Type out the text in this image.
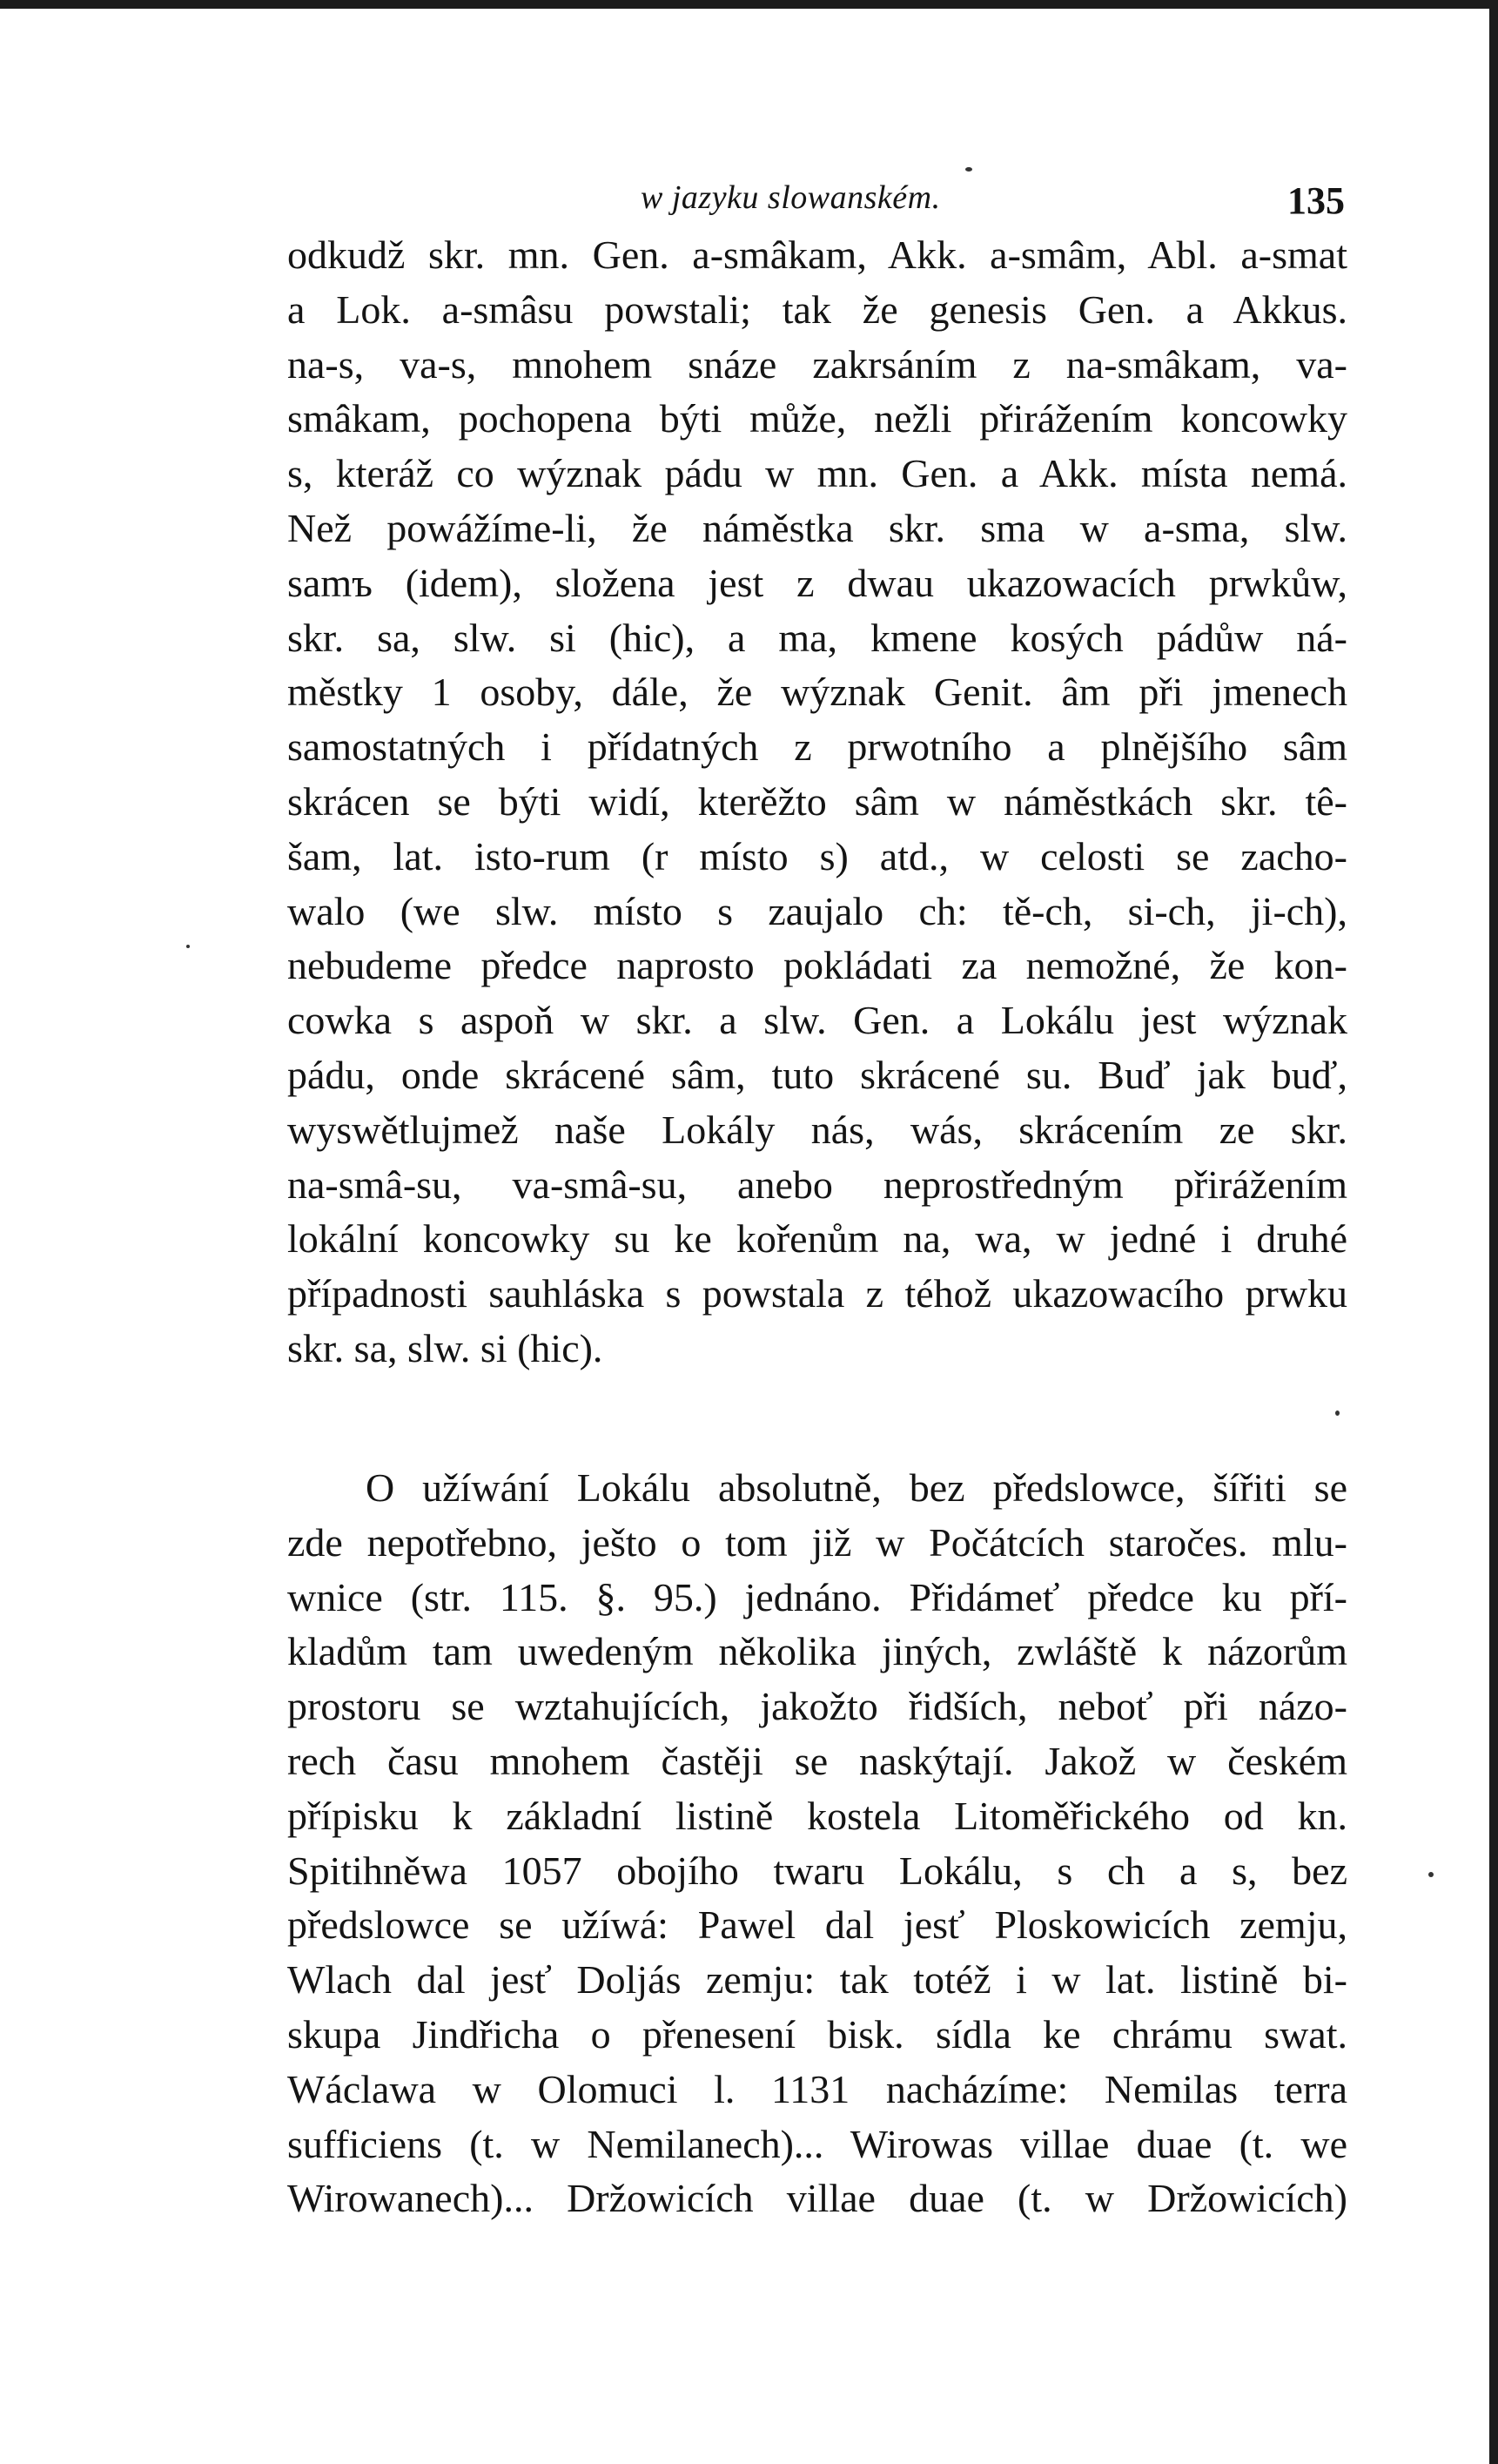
w jazyku slowanském.	135
odkudž skr. mn. Gen. a-smâkam, Akk. a-smâm, Abl. a-smat
a Lok. a-smâsu powstali; tak že genesis Gen. a Akkus.
na-s, va-s, mnohem snáze zakrsáním z na-smâkam, va-
smâkam, pochopena býti může, nežli přirážením koncowky
s, kteráž co wýznak pádu w mn. Gen. a Akk. místa nemá.
Než powážíme-li, že náměstka skr. sma w a-sma, slw.
samъ (idem), složena jest z dwau ukazowacích prwkůw,
skr. sa, slw. si (hic), a ma, kmene kosých pádůw ná-
městky 1 osoby, dále, že wýznak Genit. âm při jmenech
samostatných i přídatných z prwotního a plnějšího sâm
skrácen se býti widí, kterěžto sâm w náměstkách skr. tê-
šam, lat. isto-rum (r místo s) atd., w celosti se zacho-
walo (we slw. místo s zaujalo ch: tě-ch, si-ch, ji-ch),
nebudeme předce naprosto pokládati za nemožné, že kon-
cowka s aspoň w skr. a slw. Gen. a Lokálu jest wýznak
pádu, onde skrácené sâm, tuto skrácené su. Buď jak buď,
wyswětlujmež naše Lokály nás, wás, skrácením ze skr.
na-smâ-su, va-smâ-su, anebo neprostředným přirážením
lokální koncowky su ke kořenům na, wa, w jedné i druhé
případnosti sauhláska s powstala z téhož ukazowacího prwku
skr. sa, slw. si (hic).
O užíwání Lokálu absolutně, bez předslowce, šířiti se
zde nepotřebno, ješto o tom již w Počátcích staročes. mlu-
wnice (str. 115. §. 95.) jednáno. Přidámeť předce ku pří-
kladům tam uwedeným několika jiných, zwláště k názorům
prostoru se wztahujících, jakožto řidších, neboť při názo-
rech času mnohem častěji se naskýtají. Jakož w českém
přípisku k základní listině kostela Litoměřického od kn.
Spitihněwa 1057 obojího twaru Lokálu, s ch a s, bez
předslowce se užíwá: Pawel dal jesť Ploskowicích zemju,
Wlach dal jesť Doljás zemju: tak totéž i w lat. listině bi-
skupa Jindřicha o přenesení bisk. sídla ke chrámu swat.
Wáclawa w Olomuci l. 1131 nacházíme: Nemilas terra
sufficiens (t. w Nemilanech)... Wirowas villae duae (t. we
Wirowanech)... Držowicích villae duae (t. w Držowicích)
